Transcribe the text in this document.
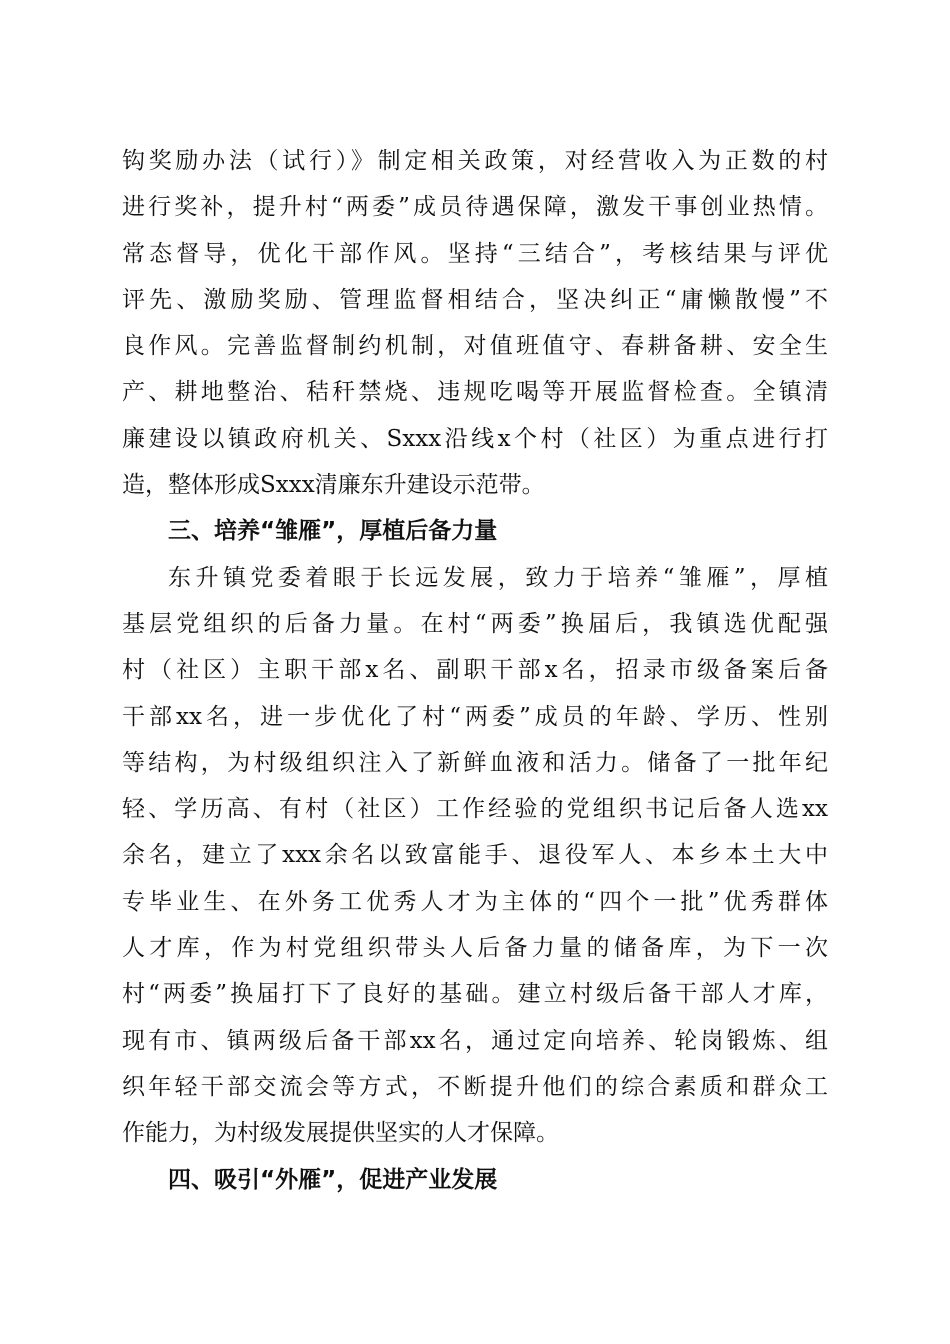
钩奖励办法（试行）》制定相关政策，对经营收入为正数的村
进行奖补，提升村“两委”成员待遇保障，激发干事创业热情。
常态督导，优化干部作风。坚持“三结合”，考核结果与评优
评先、激励奖励、管理监督相结合，坚决纠正“庸懒散慢”不
良作风。完善监督制约机制，对值班值守、春耕备耕、安全生
产、耕地整治、秸秆禁烧、违规吃喝等开展监督检查。全镇清
廉建设以镇政府机关、Sxxx沿线x个村（社区）为重点进行打
造，整体形成Sxxx清廉东升建设示范带。
三、培养“雏雁”，厚植后备力量
东升镇党委着眼于长远发展，致力于培养“雏雁”，厚植
基层党组织的后备力量。在村“两委”换届后，我镇选优配强
村（社区）主职干部x名、副职干部x名，招录市级备案后备
干部xx名，进一步优化了村“两委”成员的年龄、学历、性别
等结构，为村级组织注入了新鲜血液和活力。储备了一批年纪
轻、学历高、有村（社区）工作经验的党组织书记后备人选xx
余名，建立了xxx余名以致富能手、退役军人、本乡本土大中
专毕业生、在外务工优秀人才为主体的“四个一批”优秀群体
人才库，作为村党组织带头人后备力量的储备库，为下一次
村“两委”换届打下了良好的基础。建立村级后备干部人才库，
现有市、镇两级后备干部xx名，通过定向培养、轮岗锻炼、组
织年轻干部交流会等方式，不断提升他们的综合素质和群众工
作能力，为村级发展提供坚实的人才保障。
四、吸引“外雁”，促进产业发展
